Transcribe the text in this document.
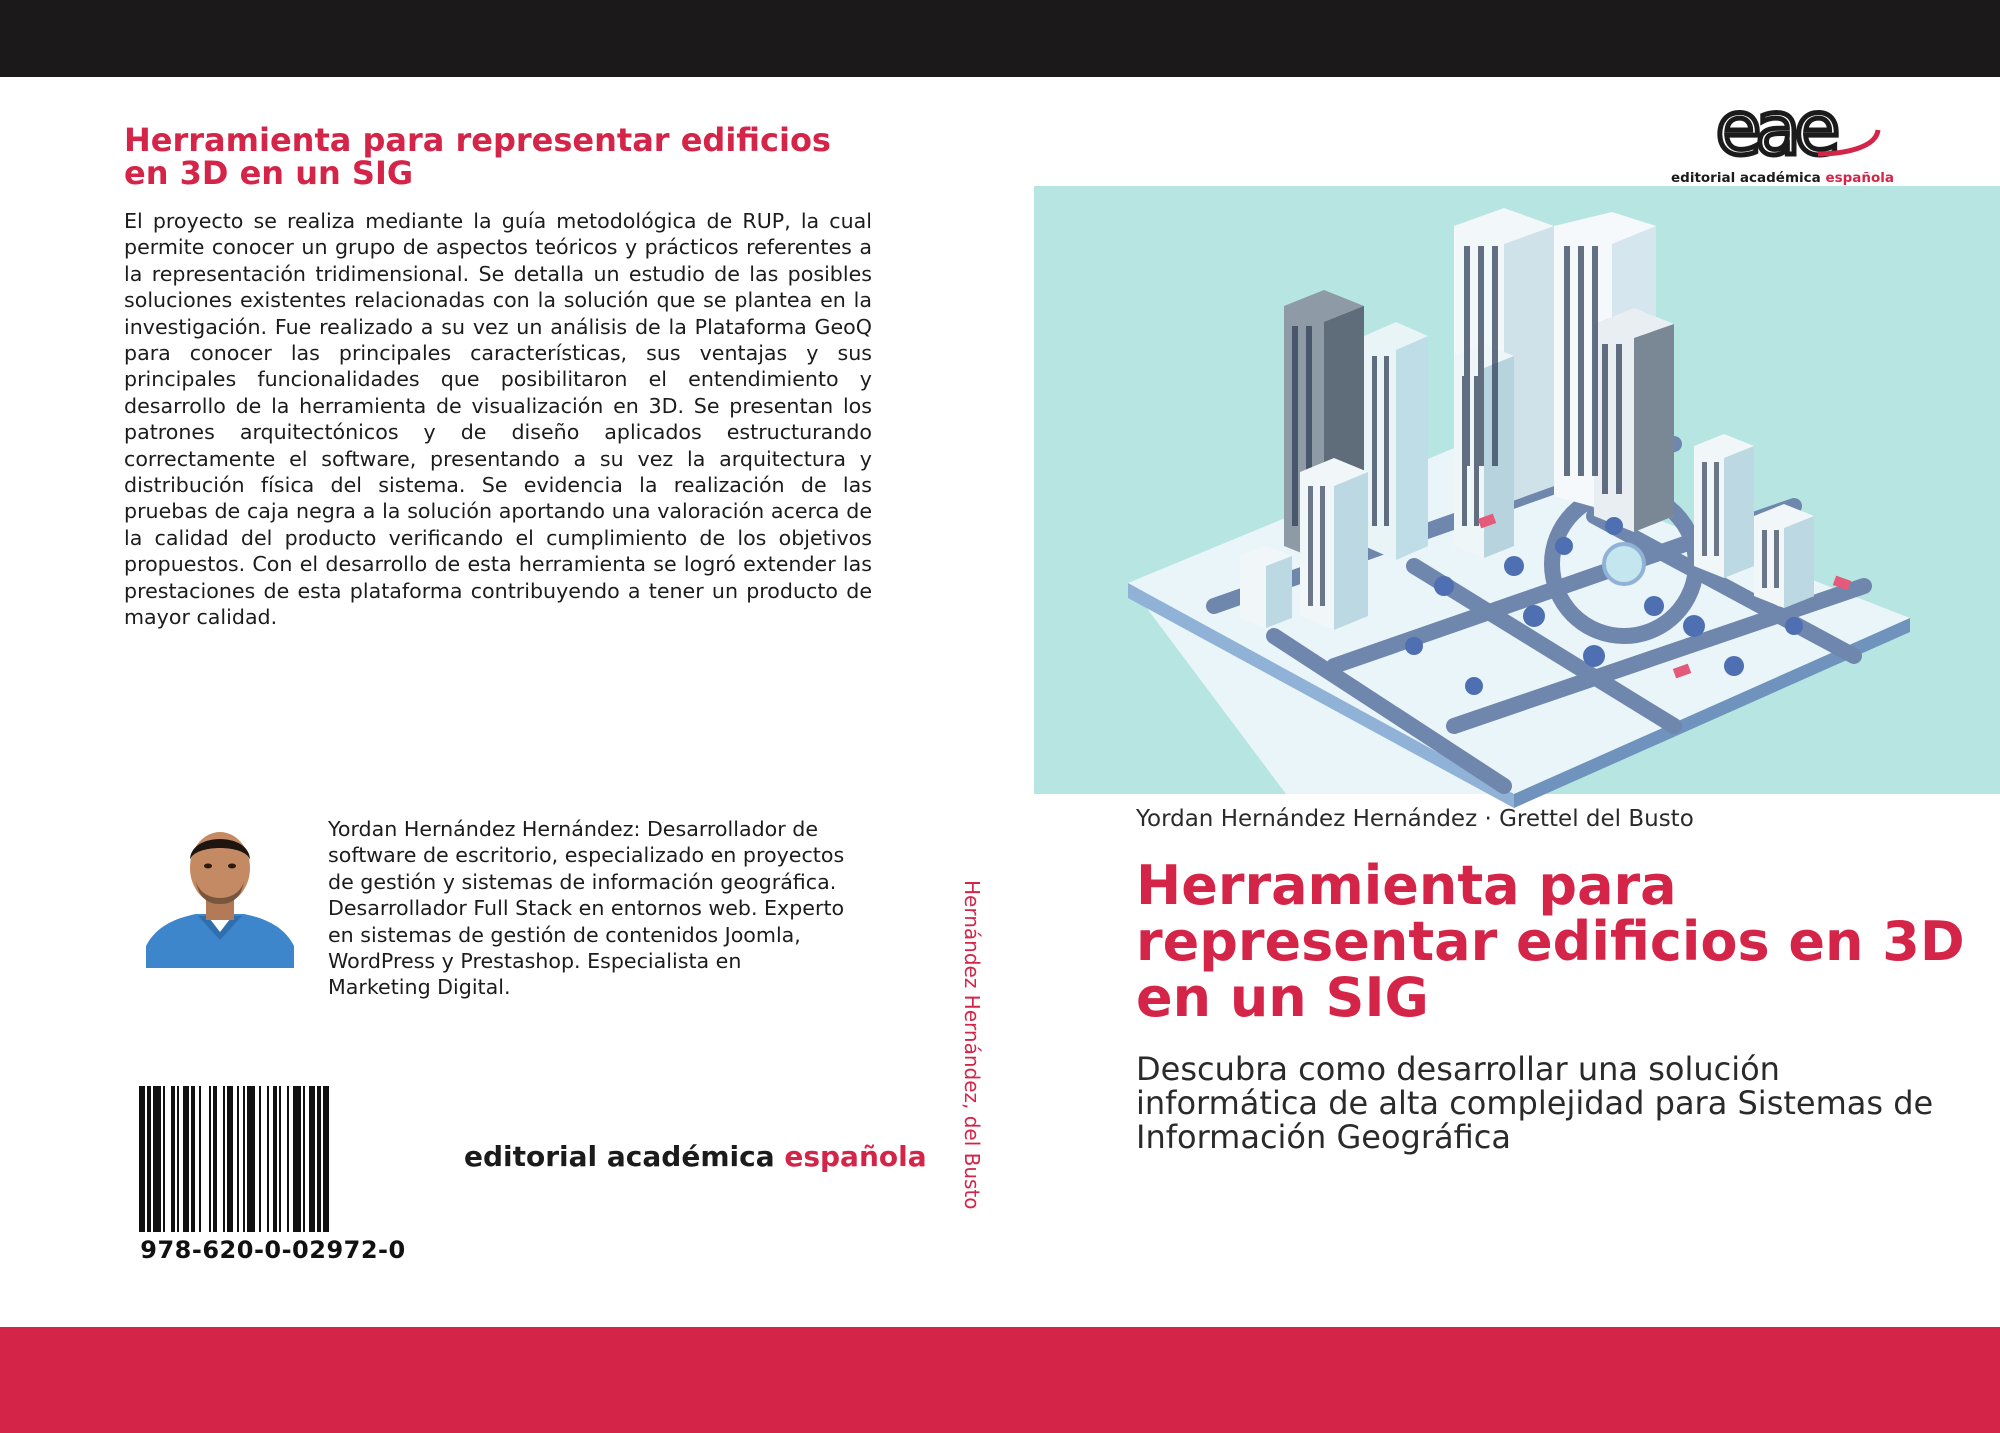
Herramienta para representar edificios en 3D en un SIG

El proyecto se realiza mediante la guía metodológica de RUP, la cual permite conocer un grupo de aspectos teóricos y prácticos referentes a la representación tridimensional. Se detalla un estudio de las posibles soluciones existentes relacionadas con la solución que se plantea en la investigación. Fue realizado a su vez un análisis de la Plataforma GeoQ para conocer las principales características, sus ventajas y sus principales funcionalidades que posibilitaron el entendimiento y desarrollo de la herramienta de visualización en 3D. Se presentan los patrones arquitectónicos y de diseño aplicados estructurando correctamente el software, presentando a su vez la arquitectura y distribución física del sistema. Se evidencia la realización de las pruebas de caja negra a la solución aportando una valoración acerca de la calidad del producto verificando el cumplimiento de los objetivos propuestos. Con el desarrollo de esta herramienta se logró extender las prestaciones de esta plataforma contribuyendo a tener un producto de mayor calidad.

Yordan Hernández Hernández: Desarrollador de software de escritorio, especializado en proyectos de gestión y sistemas de información geográfica. Desarrollador Full Stack en entornos web. Experto en sistemas de gestión de contenidos Joomla, WordPress y Prestashop. Especialista en Marketing Digital.

978-620-0-02972-0
editorial académica española Hernández Hernández, del Busto
eae
editorial académica española
Yordan Hernández Hernández · Grettel del Busto
Herramienta para representar edificios en 3D en un SIG

Descubra como desarrollar una solución informática de alta complejidad para Sistemas de Información Geográfica
